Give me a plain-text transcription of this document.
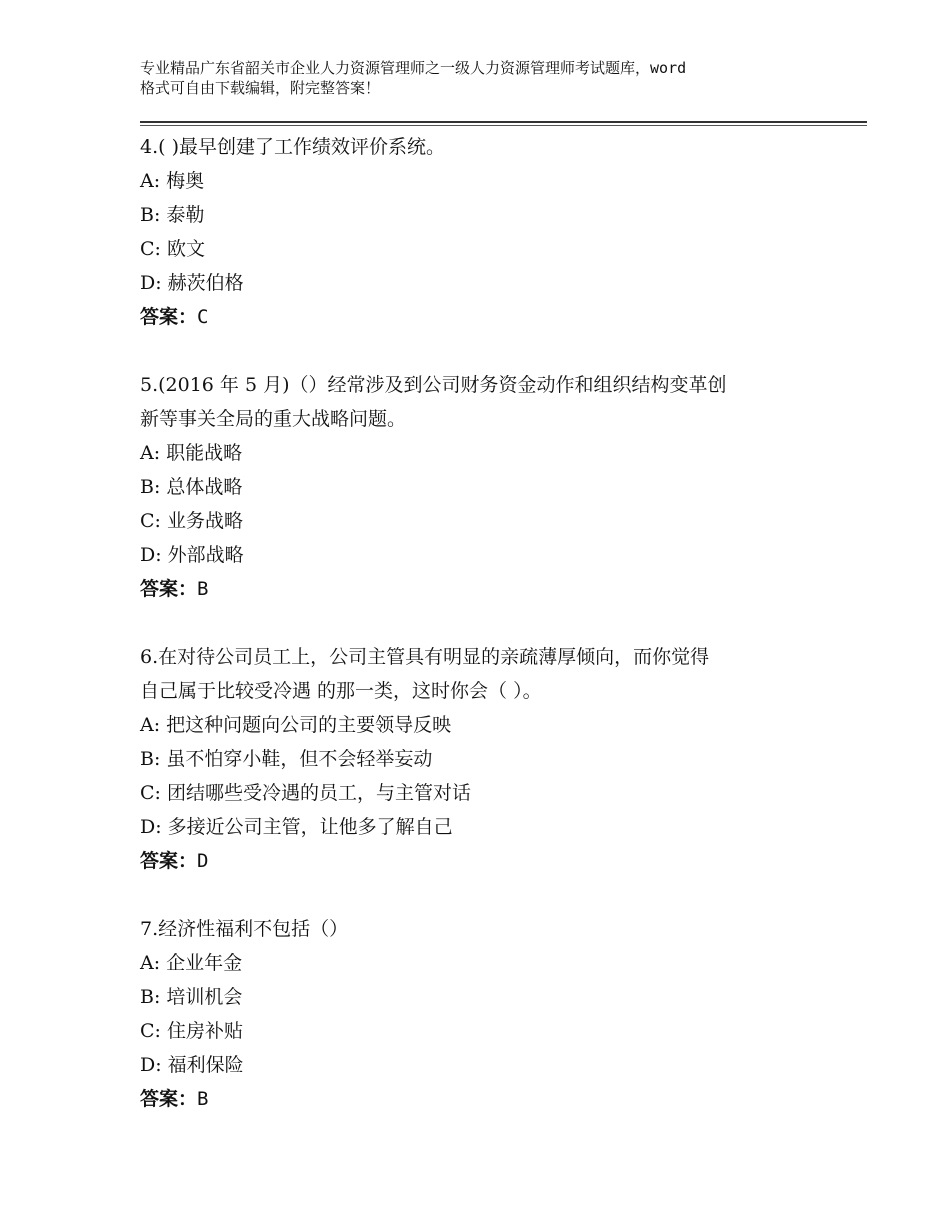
专业精品广东省韶关市企业人力资源管理师之一级人力资源管理师考试题库，word
格式可自由下载编辑，附完整答案！

4.( )最早创建了工作绩效评价系统。

A: 梅奥

B: 泰勒

C: 欧文

D: 赫茨伯格

答案：C

5.(2016 年 5 月)（）经常涉及到公司财务资金动作和组织结构变革创

新等事关全局的重大战略问题。

A: 职能战略

B: 总体战略

C: 业务战略

D: 外部战略

答案：B

6.在对待公司员工上，公司主管具有明显的亲疏薄厚倾向，而你觉得

自己属于比较受冷遇 的那一类，这时你会（ ）。

A: 把这种问题向公司的主要领导反映

B: 虽不怕穿小鞋，但不会轻举妄动

C: 团结哪些受冷遇的员工，与主管对话

D: 多接近公司主管，让他多了解自己

答案：D

7.经济性福利不包括（）

A: 企业年金

B: 培训机会

C: 住房补贴

D: 福利保险

答案：B
